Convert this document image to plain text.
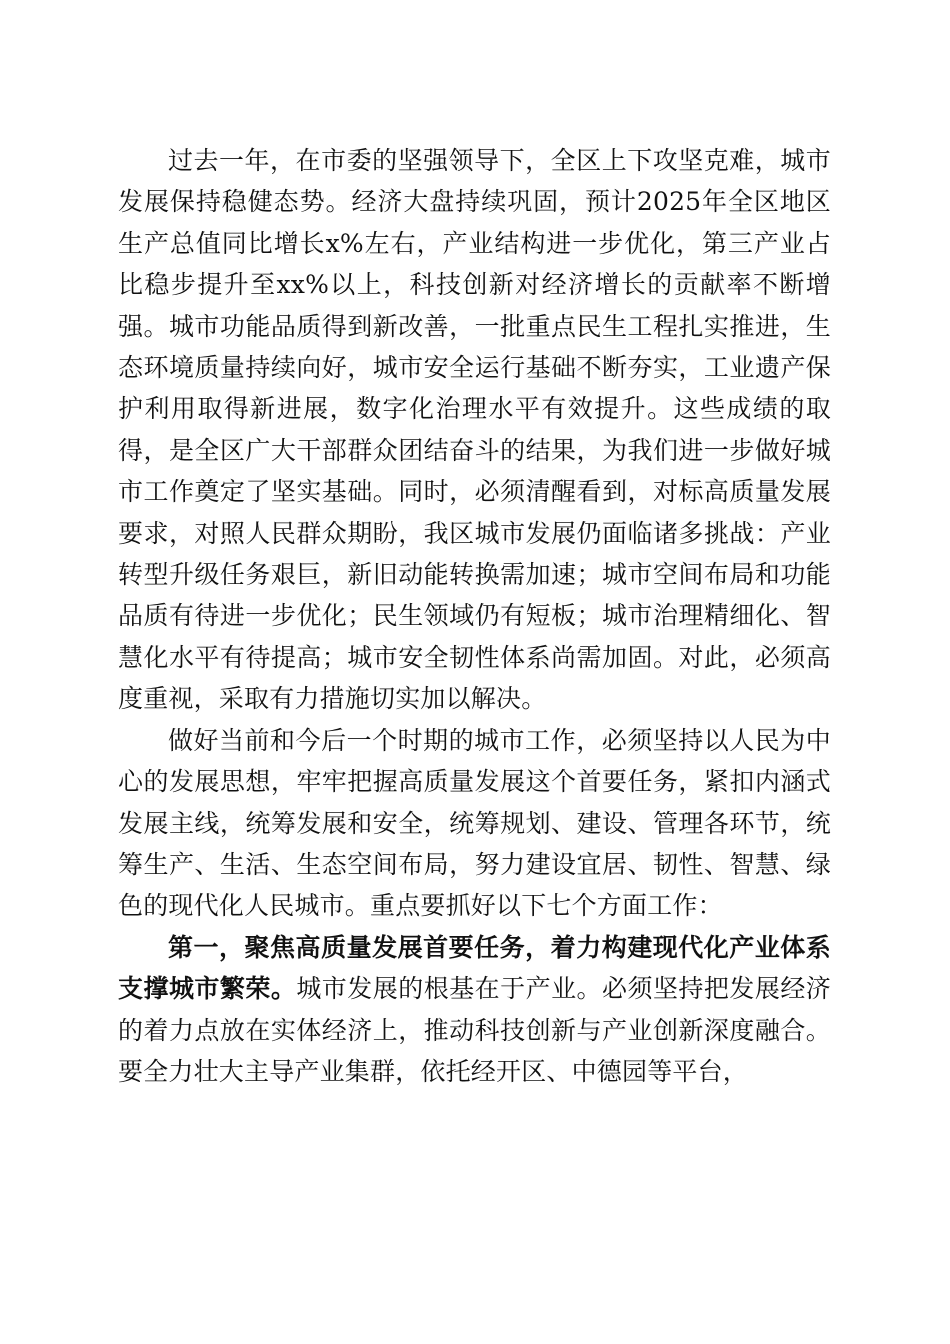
过去一年，在市委的坚强领导下，全区上下攻坚克难，城市发展保持稳健态势。经济大盘持续巩固，预计2025年全区地区生产总值同比增长x%左右，产业结构进一步优化，第三产业占比稳步提升至xx%以上，科技创新对经济增长的贡献率不断增强。城市功能品质得到新改善，一批重点民生工程扎实推进，生态环境质量持续向好，城市安全运行基础不断夯实，工业遗产保护利用取得新进展，数字化治理水平有效提升。这些成绩的取得，是全区广大干部群众团结奋斗的结果，为我们进一步做好城市工作奠定了坚实基础。同时，必须清醒看到，对标高质量发展要求，对照人民群众期盼，我区城市发展仍面临诸多挑战：产业转型升级任务艰巨，新旧动能转换需加速；城市空间布局和功能品质有待进一步优化；民生领域仍有短板；城市治理精细化、智慧化水平有待提高；城市安全韧性体系尚需加固。对此，必须高度重视，采取有力措施切实加以解决。

做好当前和今后一个时期的城市工作，必须坚持以人民为中心的发展思想，牢牢把握高质量发展这个首要任务，紧扣内涵式发展主线，统筹发展和安全，统筹规划、建设、管理各环节，统筹生产、生活、生态空间布局，努力建设宜居、韧性、智慧、绿色的现代化人民城市。重点要抓好以下七个方面工作：

第一，聚焦高质量发展首要任务，着力构建现代化产业体系支撑城市繁荣。城市发展的根基在于产业。必须坚持把发展经济的着力点放在实体经济上，推动科技创新与产业创新深度融合。要全力壮大主导产业集群，依托经开区、中德园等平台，
